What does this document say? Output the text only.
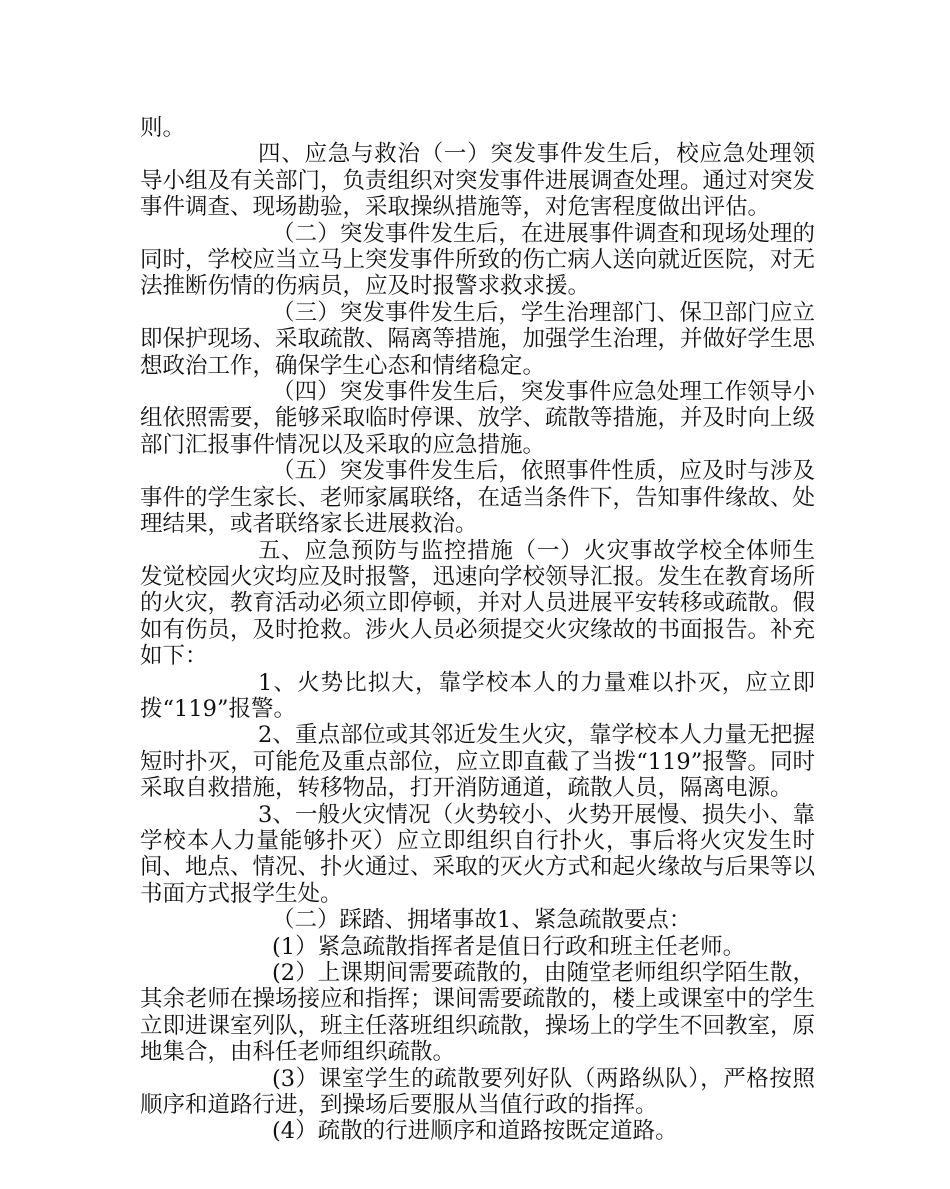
则。

四、应急与救治（一）突发事件发生后，校应急处理领导小组及有关部门，负责组织对突发事件进展调查处理。通过对突发事件调查、现场勘验，采取操纵措施等，对危害程度做出评估。

（二）突发事件发生后，在进展事件调查和现场处理的同时，学校应当立马上突发事件所致的伤亡病人送向就近医院，对无法推断伤情的伤病员，应及时报警求救求援。

（三）突发事件发生后，学生治理部门、保卫部门应立即保护现场、采取疏散、隔离等措施，加强学生治理，并做好学生思想政治工作，确保学生心态和情绪稳定。

（四）突发事件发生后，突发事件应急处理工作领导小组依照需要，能够采取临时停课、放学、疏散等措施，并及时向上级部门汇报事件情况以及采取的应急措施。

（五）突发事件发生后，依照事件性质，应及时与涉及事件的学生家长、老师家属联络，在适当条件下，告知事件缘故、处理结果，或者联络家长进展救治。

五、应急预防与监控措施（一）火灾事故学校全体师生发觉校园火灾均应及时报警，迅速向学校领导汇报。发生在教育场所的火灾，教育活动必须立即停顿，并对人员进展平安转移或疏散。假如有伤员，及时抢救。涉火人员必须提交火灾缘故的书面报告。补充如下：

1、火势比拟大，靠学校本人的力量难以扑灭，应立即拨“119”报警。

2、重点部位或其邻近发生火灾，靠学校本人力量无把握短时扑灭，可能危及重点部位，应立即直截了当拨“119”报警。同时采取自救措施，转移物品，打开消防通道，疏散人员，隔离电源。

3、一般火灾情况（火势较小、火势开展慢、损失小、靠学校本人力量能够扑灭）应立即组织自行扑火，事后将火灾发生时间、地点、情况、扑火通过、采取的灭火方式和起火缘故与后果等以书面方式报学生处。

（二）踩踏、拥堵事故1、紧急疏散要点：

(1）紧急疏散指挥者是值日行政和班主任老师。

(2）上课期间需要疏散的，由随堂老师组织学陌生散，其余老师在操场接应和指挥；课间需要疏散的，楼上或课室中的学生立即进课室列队，班主任落班组织疏散，操场上的学生不回教室，原地集合，由科任老师组织疏散。

(3）课室学生的疏散要列好队（两路纵队），严格按照顺序和道路行进，到操场后要服从当值行政的指挥。

(4）疏散的行进顺序和道路按既定道路。
